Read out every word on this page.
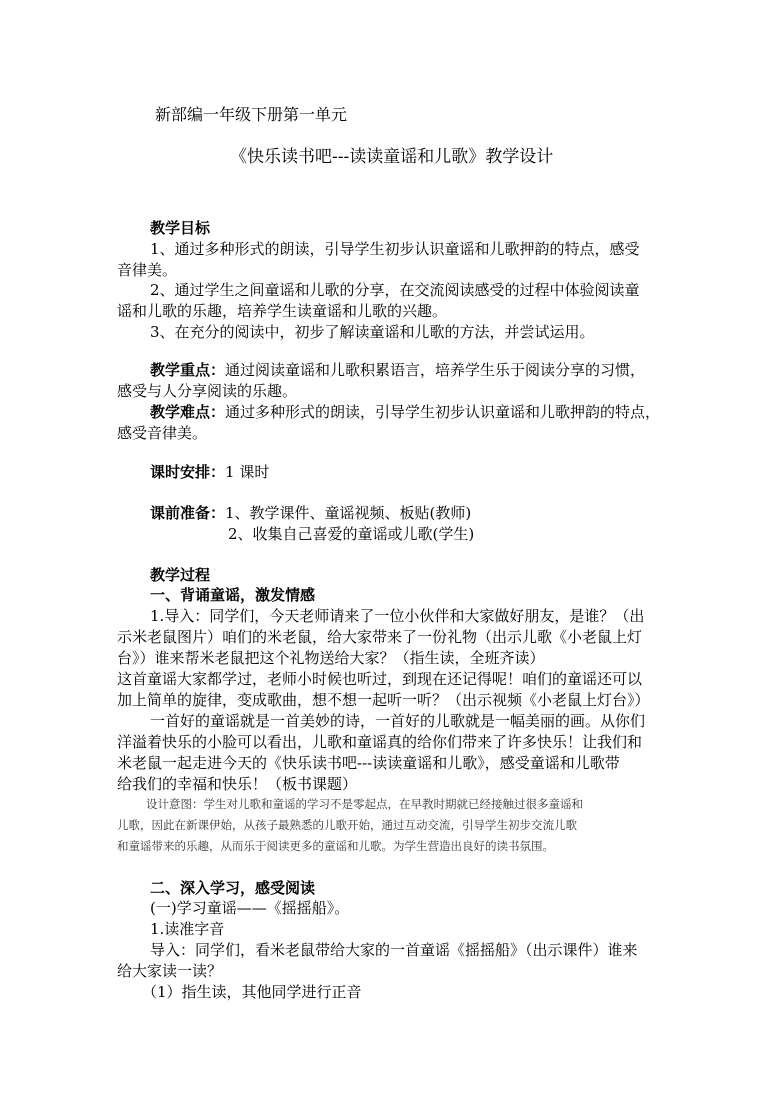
新部编一年级下册第一单元
《快乐读书吧---读读童谣和儿歌》教学设计
教学目标
1、通过多种形式的朗读，引导学生初步认识童谣和儿歌押韵的特点，感受
音律美。
2、通过学生之间童谣和儿歌的分享，在交流阅读感受的过程中体验阅读童
谣和儿歌的乐趣，培养学生读童谣和儿歌的兴趣。
3、在充分的阅读中，初步了解读童谣和儿歌的方法，并尝试运用。
教学重点：通过阅读童谣和儿歌积累语言，培养学生乐于阅读分享的习惯，
感受与人分享阅读的乐趣。
教学难点：通过多种形式的朗读，引导学生初步认识童谣和儿歌押韵的特点，
感受音律美。
课时安排：1 课时
课前准备：1、教学课件、童谣视频、板贴(教师)
2、收集自己喜爱的童谣或儿歌(学生)
教学过程
一、背诵童谣，激发情感
1.导入：同学们，今天老师请来了一位小伙伴和大家做好朋友，是谁？（出
示米老鼠图片）咱们的米老鼠，给大家带来了一份礼物（出示儿歌《小老鼠上灯
台》）谁来帮米老鼠把这个礼物送给大家？（指生读，全班齐读）
这首童谣大家都学过，老师小时候也听过，到现在还记得呢！咱们的童谣还可以
加上简单的旋律，变成歌曲，想不想一起听一听？（出示视频《小老鼠上灯台》）
一首好的童谣就是一首美妙的诗，一首好的儿歌就是一幅美丽的画。从你们
洋溢着快乐的小脸可以看出，儿歌和童谣真的给你们带来了许多快乐！让我们和
米老鼠一起走进今天的《快乐读书吧---读读童谣和儿歌》，感受童谣和儿歌带
给我们的幸福和快乐！（板书课题）
设计意图：学生对儿歌和童谣的学习不是零起点，在早教时期就已经接触过很多童谣和
儿歌，因此在新课伊始，从孩子最熟悉的儿歌开始，通过互动交流，引导学生初步交流儿歌
和童谣带来的乐趣，从而乐于阅读更多的童谣和儿歌。为学生营造出良好的读书氛围。
二、深入学习，感受阅读
(一)学习童谣——《摇摇船》。
1.读准字音
导入：同学们，看米老鼠带给大家的一首童谣《摇摇船》（出示课件）谁来
给大家读一读？
（1）指生读，其他同学进行正音
